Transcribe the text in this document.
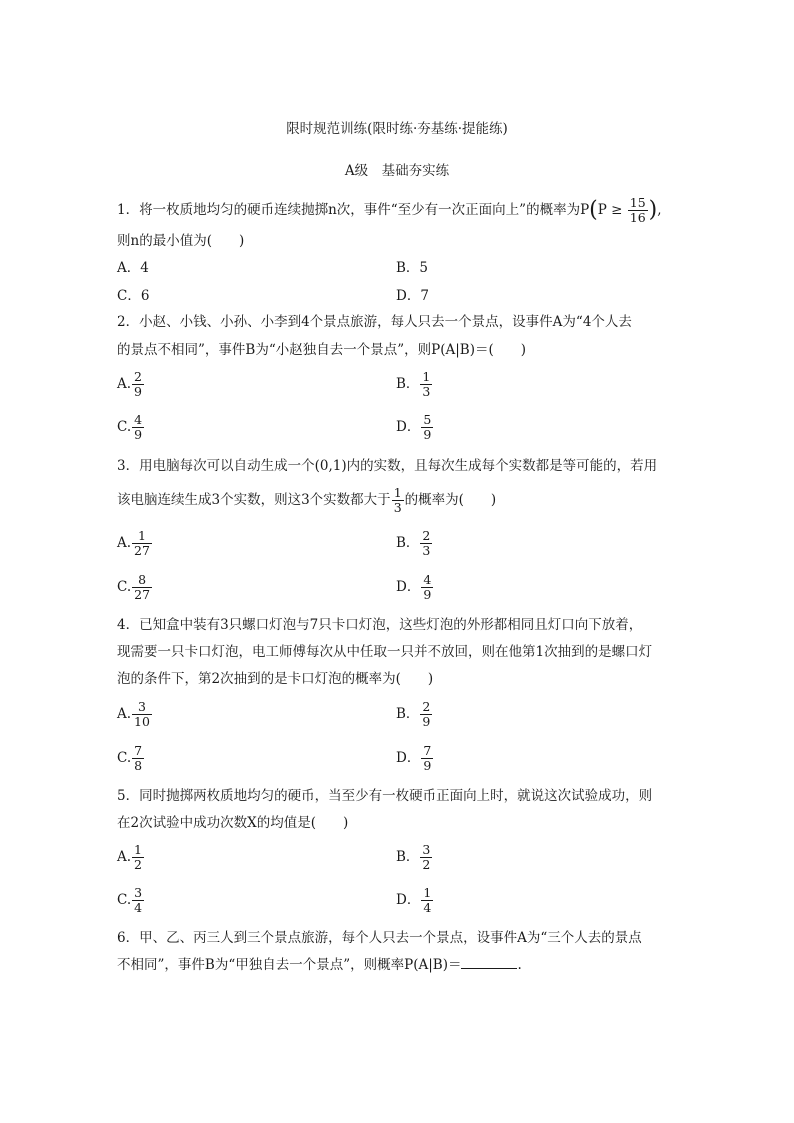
限时规范训练(限时练·夯基练·提能练)
A级　基础夯实练
1．将一枚质地均匀的硬币连续抛掷n次，事件“至少有一次正面向上”的概率为$P(P \ge \frac{15}{16}$ ),
则n的最小值为(　　)
A．4	B．5
C．6	D．7
2．小赵、小钱、小孙、小李到4个景点旅游，每人只去一个景点，设事件A为“4个人去
的景点不相同”，事件B为“小赵独自去一个景点”，则P(A|B)＝(　　)
A. $\frac{2}{9}$	B． $\frac{1}{3}$
C. $\frac{4}{9}$	D． $\frac{5}{9}$
3．用电脑每次可以自动生成一个(0,1)内的实数，且每次生成每个实数都是等可能的，若用
该电脑连续生成3个实数，则这3个实数都大于 $\frac{1}{3}$ 的概率为(　　)
A. $\frac{1}{27}$	B． $\frac{2}{3}$
C. $\frac{8}{27}$	D． $\frac{4}{9}$
4．已知盒中装有3只螺口灯泡与7只卡口灯泡，这些灯泡的外形都相同且灯口向下放着，
现需要一只卡口灯泡，电工师傅每次从中任取一只并不放回，则在他第1次抽到的是螺口灯
泡的条件下，第2次抽到的是卡口灯泡的概率为(　　)
A. $\frac{3}{10}$	B． $\frac{2}{9}$
C. $\frac{7}{8}$	D． $\frac{7}{9}$
5．同时抛掷两枚质地均匀的硬币，当至少有一枚硬币正面向上时，就说这次试验成功，则
在2次试验中成功次数X的均值是(　　)
A. $\frac{1}{2}$	B． $\frac{3}{2}$
C. $\frac{3}{4}$	D． $\frac{1}{4}$
6．甲、乙、丙三人到三个景点旅游，每个人只去一个景点，设事件A为“三个人去的景点
不相同”，事件B为“甲独自去一个景点”，则概率P(A|B)＝	.
